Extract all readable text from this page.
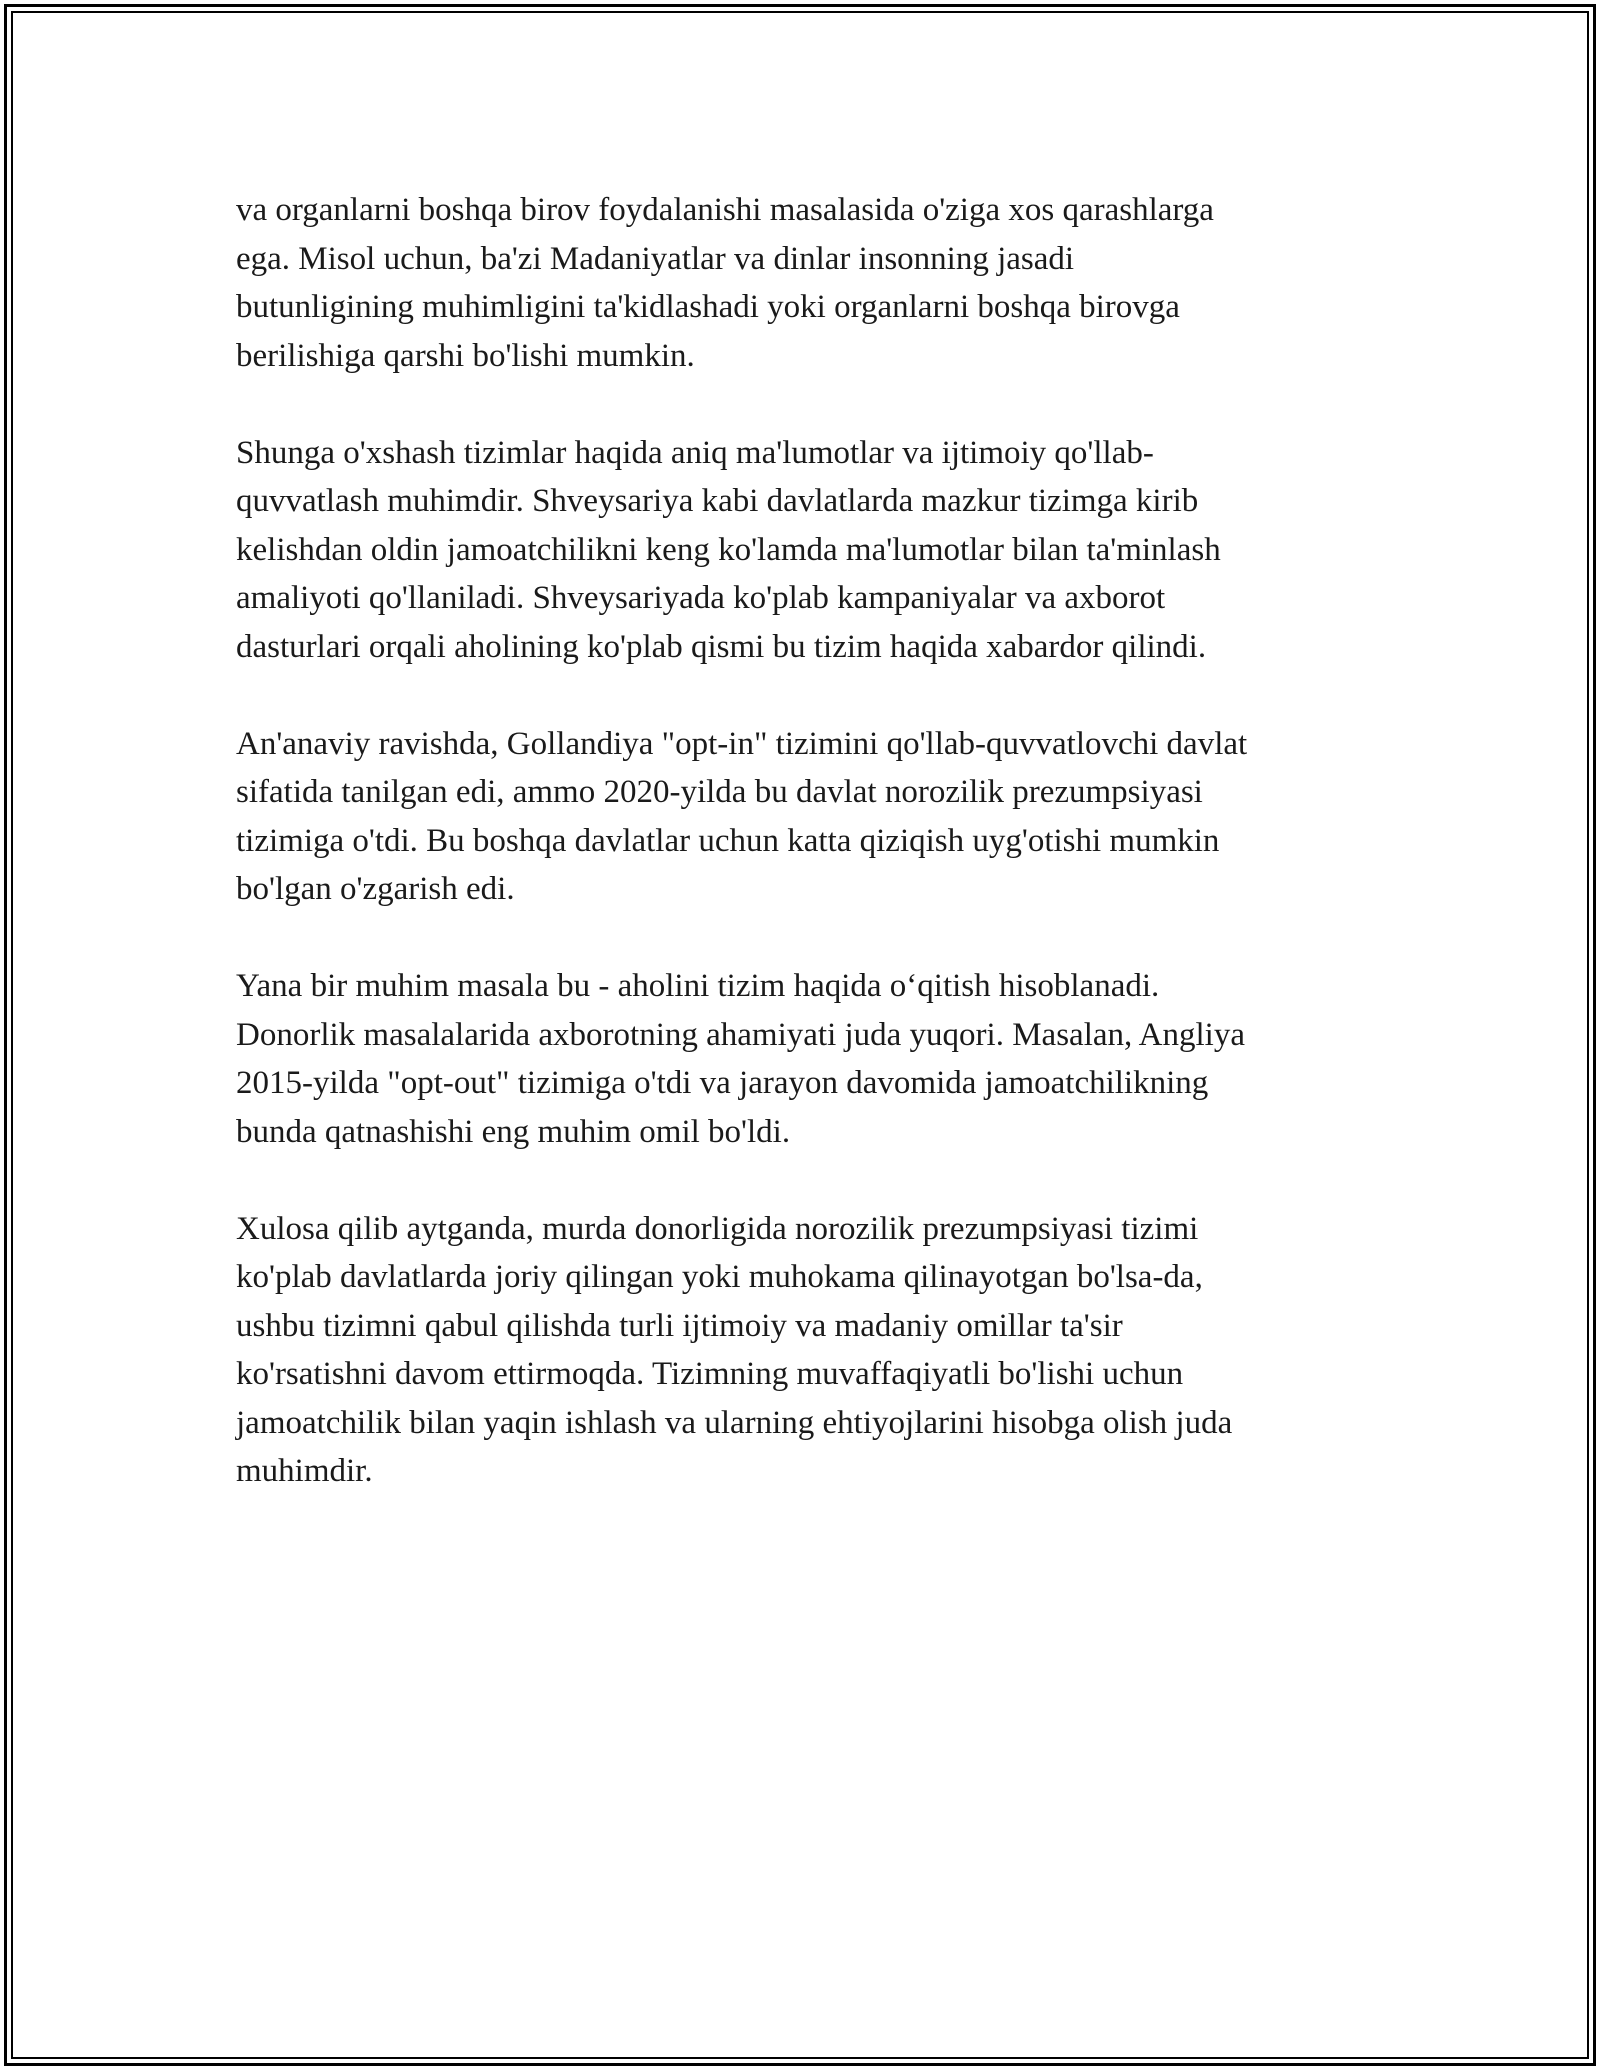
va organlarni boshqa birov foydalanishi masalasida o'ziga xos qarashlarga
ega. Misol uchun, ba'zi Madaniyatlar va dinlar insonning jasadi
butunligining muhimligini ta'kidlashadi yoki organlarni boshqa birovga
berilishiga qarshi bo'lishi mumkin.

Shunga o'xshash tizimlar haqida aniq ma'lumotlar va ijtimoiy qo'llab-
quvvatlash muhimdir. Shveysariya kabi davlatlarda mazkur tizimga kirib
kelishdan oldin jamoatchilikni keng ko'lamda ma'lumotlar bilan ta'minlash
amaliyoti qo'llaniladi. Shveysariyada ko'plab kampaniyalar va axborot
dasturlari orqali aholining ko'plab qismi bu tizim haqida xabardor qilindi.

An'anaviy ravishda, Gollandiya "opt-in" tizimini qo'llab-quvvatlovchi davlat
sifatida tanilgan edi, ammo 2020-yilda bu davlat norozilik prezumpsiyasi
tizimiga o'tdi. Bu boshqa davlatlar uchun katta qiziqish uyg'otishi mumkin
bo'lgan o'zgarish edi.

Yana bir muhim masala bu - aholini tizim haqida o‘qitish hisoblanadi.
Donorlik masalalarida axborotning ahamiyati juda yuqori. Masalan, Angliya
2015-yilda "opt-out" tizimiga o'tdi va jarayon davomida jamoatchilikning
bunda qatnashishi eng muhim omil bo'ldi.

Xulosa qilib aytganda, murda donorligida norozilik prezumpsiyasi tizimi
ko'plab davlatlarda joriy qilingan yoki muhokama qilinayotgan bo'lsa-da,
ushbu tizimni qabul qilishda turli ijtimoiy va madaniy omillar ta'sir
ko'rsatishni davom ettirmoqda. Tizimning muvaffaqiyatli bo'lishi uchun
jamoatchilik bilan yaqin ishlash va ularning ehtiyojlarini hisobga olish juda
muhimdir.
